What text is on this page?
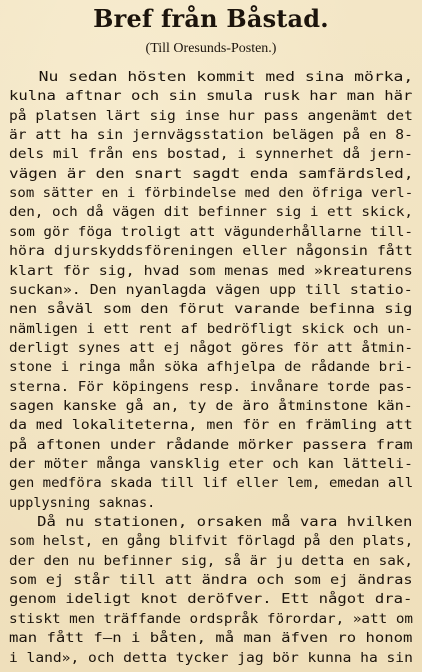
Bref från Båstad.
(Till Oresunds-Posten.)
Nu sedan hösten kommit med sina mörka,
kulna aftnar och sin smula rusk har man här
på platsen lärt sig inse hur pass angenämt det
är att ha sin jernvägsstation belägen på en 8-
dels mil från ens bostad, i synnerhet då jern-
vägen är den snart sagdt enda samfärdsled,
som sätter en i förbindelse med den öfriga verl-
den, och då vägen dit befinner sig i ett skick,
som gör föga troligt att vägunderhållarne till-
höra djurskyddsföreningen eller någonsin fått
klart för sig, hvad som menas med »kreaturens
suckan». Den nyanlagda vägen upp till statio-
nen såväl som den förut varande befinna sig
nämligen i ett rent af bedröfligt skick och un-
derligt synes att ej något göres för att åtmin-
stone i ringa mån söka afhjelpa de rådande bri-
sterna. För köpingens resp. invånare torde pas-
sagen kanske gå an, ty de äro åtminstone kän-
da med lokaliteterna, men för en främling att
på aftonen under rådande mörker passera fram
der möter många vansklig eter och kan lätteli-
gen medföra skada till lif eller lem, emedan all
upplysning saknas.
Då nu stationen, orsaken må vara hvilken
som helst, en gång blifvit förlagd på den plats,
der den nu befinner sig, så är ju detta en sak,
som ej står till att ändra och som ej ändras
genom ideligt knot deröfver. Ett något dra-
stiskt men träffande ordspråk förordar, »att om
man fått f—n i båten, må man äfven ro honom
i land», och detta tycker jag bör kunna ha sin
